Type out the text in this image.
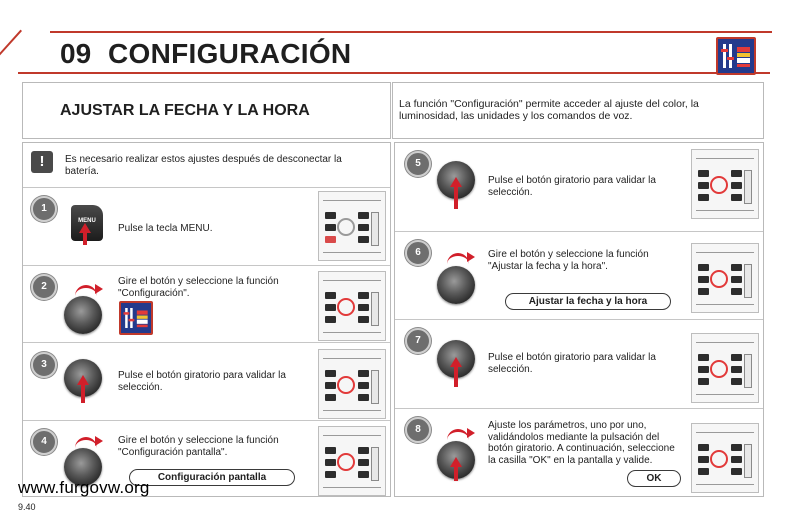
09 CONFIGURACIÓN
AJUSTAR LA FECHA Y LA HORA	La función "Configuración" permite acceder al ajuste del color, la luminosidad, las unidades y los comandos de voz.
!	Es necesario realizar estos ajustes después de desconectar la batería.
1
MENU
Pulse la tecla MENU.
2	Gire el botón y seleccione la función "Configuración".
3
Pulse el botón giratorio para validar la selección.
4	Gire el botón y seleccione la función "Configuración pantalla".
Configuración pantalla
5
Pulse el botón giratorio para validar la selección.
6	Gire el botón y seleccione la función "Ajustar la fecha y la hora".
Ajustar la fecha y la hora
7
Pulse el botón giratorio para validar la selección.
8	Ajuste los parámetros, uno por uno, validándolos mediante la pulsación del botón giratorio. A continuación, seleccione la casilla "OK" en la pantalla y valide.
OK
www.furgovw.org
9.40
